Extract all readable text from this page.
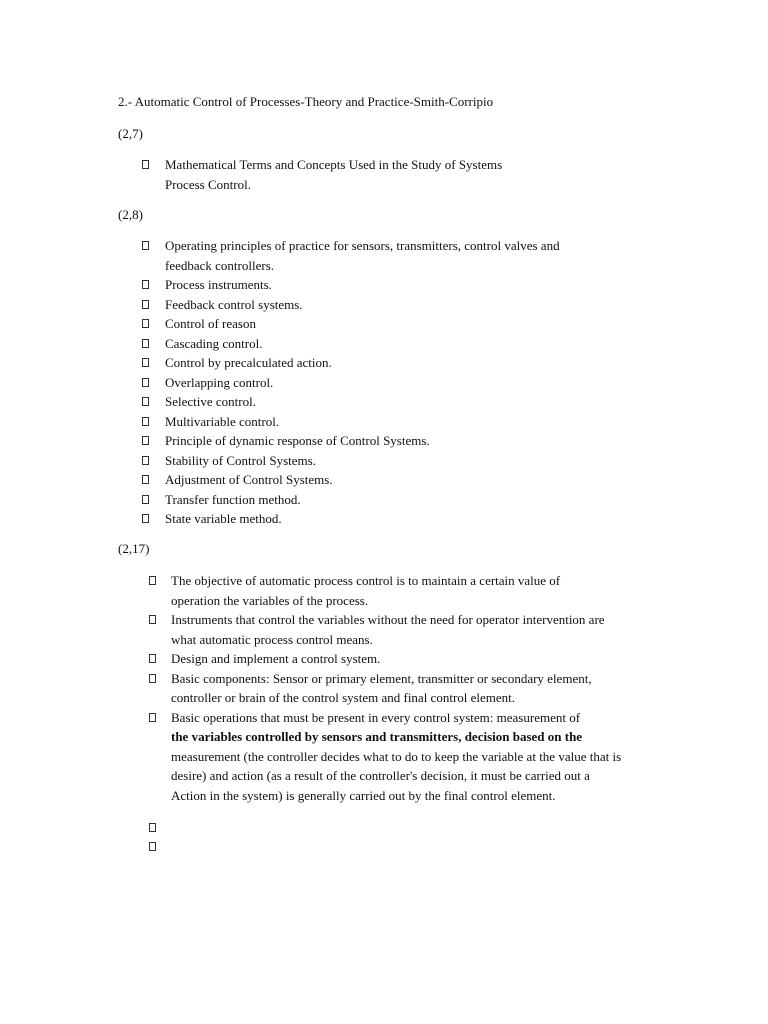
2.- Automatic Control of Processes-Theory and Practice-Smith-Corripio
(2,7)
Mathematical Terms and Concepts Used in the Study of Systems
Process Control.
(2,8)
Operating principles of practice for sensors, transmitters, control valves and
feedback controllers.
Process instruments.
Feedback control systems.
Control of reason
Cascading control.
Control by precalculated action.
Overlapping control.
Selective control.
Multivariable control.
Principle of dynamic response of Control Systems.
Stability of Control Systems.
Adjustment of Control Systems.
Transfer function method.
State variable method.
(2,17)
The objective of automatic process control is to maintain a certain value of
operation the variables of the process.
Instruments that control the variables without the need for operator intervention are
what automatic process control means.
Design and implement a control system.
Basic components: Sensor or primary element, transmitter or secondary element,
controller or brain of the control system and final control element.
Basic operations that must be present in every control system: measurement of
the variables controlled by sensors and transmitters, decision based on the
measurement (the controller decides what to do to keep the variable at the value that is
desire) and action (as a result of the controller's decision, it must be carried out a
Action in the system) is generally carried out by the final control element.
